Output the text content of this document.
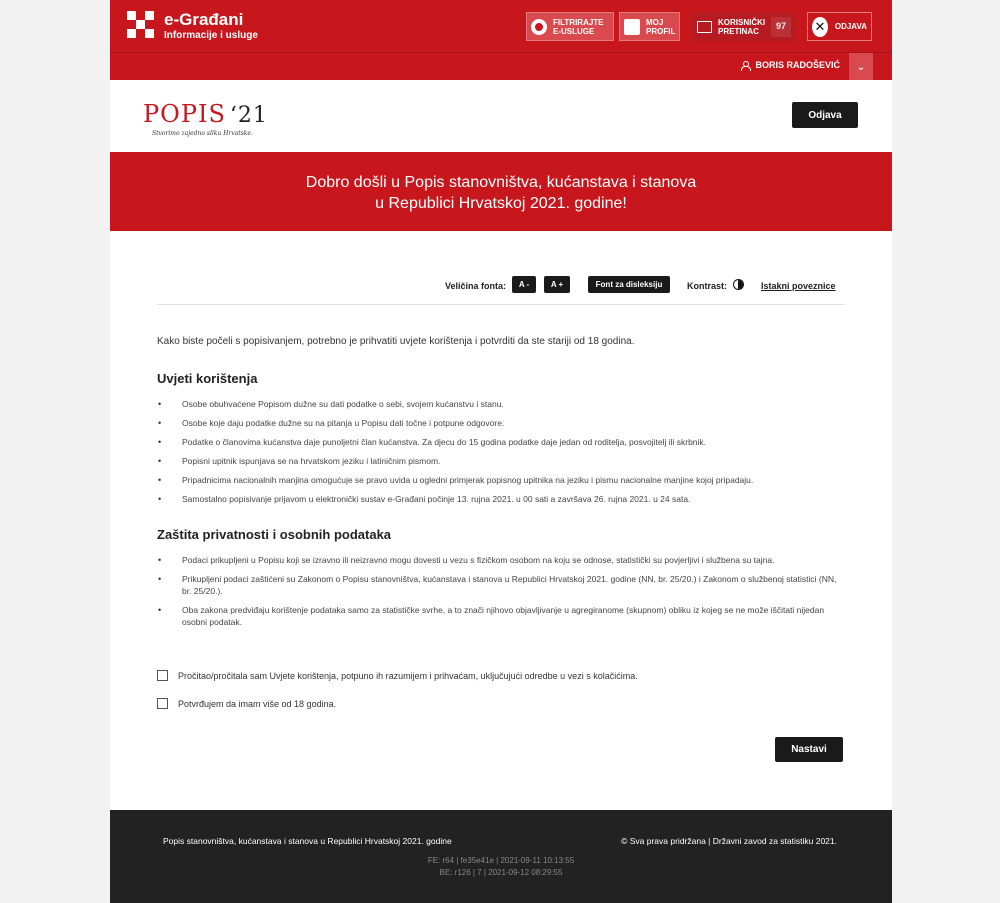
e-Građani
Informacije i usluge
FILTRIRAJTE
E-USLUGE
MOJ
PROFIL
KORISNIČKI
PRETINAC	97	✕	ODJAVA
BORIS RADOŠEVIĆ	⌄
POPIS ‘21
Stvorimo zajedno sliku Hrvatske.
Odjava
Dobro došli u Popis stanovništva, kućanstava i stanova
u Republici Hrvatskoj 2021. godine!
Veličina fonta:	A -	A +	Font za disleksiju	Kontrast:	Istakni poveznice

Kako biste počeli s popisivanjem, potrebno je prihvatiti uvjete korištenja i potvrditi da ste stariji od 18 godina.

Uvjeti korištenja
• Osobe obuhvaćene Popisom dužne su dati podatke o sebi, svojem kućanstvu i stanu.
• Osobe koje daju podatke dužne su na pitanja u Popisu dati točne i potpune odgovore.
• Podatke o članovima kućanstva daje punoljetni član kućanstva. Za djecu do 15 godina podatke daje jedan od roditelja, posvojitelj ili skrbnik.
• Popisni upitnik ispunjava se na hrvatskom jeziku i latiničnim pismom.
• Pripadnicima nacionalnih manjina omogućuje se pravo uvida u ogledni primjerak popisnog upitnika na jeziku i pismu nacionalne manjine kojoj pripadaju.
• Samostalno popisivanje prijavom u elektronički sustav e-Građani počinje 13. rujna 2021. u 00 sati a završava 26. rujna 2021. u 24 sata.
Zaštita privatnosti i osobnih podataka
• Podaci prikupljeni u Popisu koji se izravno ili neizravno mogu dovesti u vezu s fizičkom osobom na koju se odnose, statistički su povjerljivi i službena su tajna.
• Prikupljeni podaci zaštićeni su Zakonom o Popisu stanovništva, kućanstava i stanova u Republici Hrvatskoj 2021. godine (NN, br. 25/20.) i Zakonom o službenoj statistici (NN, br. 25/20.).
• Oba zakona predviđaju korištenje podataka samo za statističke svrhe, a to znači njihovo objavljivanje u agregiranome (skupnom) obliku iz kojeg se ne može iščitati nijedan osobni podatak.
Pročitao/pročitala sam Uvjete korištenja, potpuno ih razumijem i prihvaćam, uključujući odredbe u vezi s kolačićima.
Potvrđujem da imam više od 18 godina.
Nastavi
Popis stanovništva, kućanstava i stanova u Republici Hrvatskoj 2021. godine	© Sva prava pridržana | Državni zavod za statistiku 2021.
FE: r64 | fe35e41e | 2021-09-11 10:13:55
BE: r126 | 7 | 2021-09-12 08:29:55
